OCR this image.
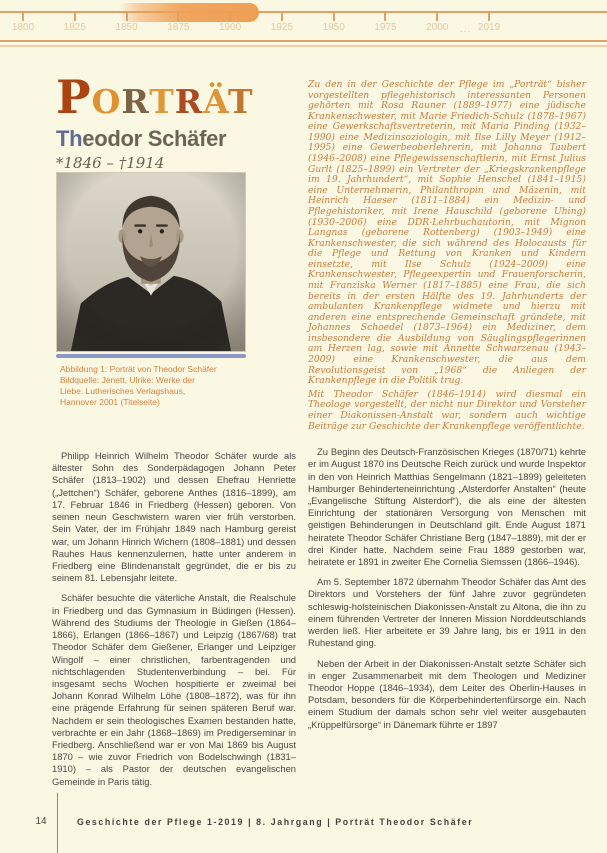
1800	1825	1850	1875	1900	1925	1950	1975	2000	2019
...
PORTRÄT
Theodor Schäfer
*1846 – †1914
Abbildung 1: Porträt von Theodor Schäfer
Bildquelle: Jenett, Ulrike: Werke der
Liebe. Lutherisches Verlagshaus,
Hannover 2001 (Titelseite)

Philipp Heinrich Wilhelm Theodor Schäfer wurde als ältester Sohn des Sonderpädagogen Johann Peter Schäfer (1813–1902) und dessen Ehefrau Henriette („Jettchen“) Schäfer, geborene Anthes (1816–1899), am 17. Februar 1846 in Friedberg (Hessen) geboren. Von seinen neun Geschwistern waren vier früh verstorben. Sein Vater, der im Frühjahr 1849 nach Hamburg gereist war, um Johann Hinrich Wichern (1808–1881) und dessen Rauhes Haus kennenzulernen, hatte unter anderem in Friedberg eine Blindenanstalt gegründet, die er bis zu seinem 81. Lebensjahr leitete.

Schäfer besuchte die väterliche Anstalt, die Realschule in Friedberg und das Gymnasium in Büdingen (Hessen). Während des Studiums der Theologie in Gießen (1864–1866), Erlangen (1866–1867) und Leipzig (1867/68) trat Theodor Schäfer dem Gießener, Erlanger und Leipziger Wingolf – einer christlichen, farbentragenden und nichtschlagenden Studentenverbindung – bei. Für insgesamt sechs Wochen hospitierte er zweimal bei Johann Konrad Wilhelm Löhe (1808–1872), was für ihn eine prägende Erfahrung für seinen späteren Beruf war. Nachdem er sein theologisches Examen bestanden hatte, verbrachte er ein Jahr (1868–1869) im Predigerseminar in Friedberg. Anschließend war er von Mai 1869 bis August 1870 – wie zuvor Friedrich von Bodelschwingh (1831–1910) – als Pastor der deutschen evangelischen Gemeinde in Paris tätig.

Zu den in der Geschichte der Pflege im „Porträt“ bisher vorgestellten pflegehistorisch interessanten Personen gehörten mit Rosa Rauner (1889–1977) eine jüdische Krankenschwester, mit Marie Friedich-Schulz (1878–1967) eine Gewerkschaftsvertreterin, mit Maria Pinding (1932–1990) eine Medizinsoziologin, mit Ilse Lilly Meyer (1912–1995) eine Gewerbeoberlehrerin, mit Johanna Taubert (1946–2008) eine Pflegewissenschaftlerin, mit Ernst Julius Gurlt (1825–1899) ein Vertreter der „Kriegskrankenpflege im 19. Jahrhundert“, mit Sophie Henschel (1841–1915) eine Unternehmerin, Philanthropin und Mäzenin, mit Heinrich Haeser (1811–1884) ein Medizin- und Pflegehistoriker, mit Irene Hauschild (geborene Uhing) (1930–2006) eine DDR-Lehrbuchautorin, mit Mignon Langnas (geborene Rottenberg) (1903–1949) eine Krankenschwester, die sich während des Holocausts für die Pflege und Rettung von Kranken und Kindern einsetzte, mit Ilse Schulz (1924–2009) eine Krankenschwester, Pflegeexpertin und Frauenforscherin, mit Franziska Werner (1817–1885) eine Frau, die sich bereits in der ersten Hälfte des 19. Jahrhunderts der ambulanten Krankenpflege widmete und hierzu mit anderen eine entsprechende Gemeinschaft gründete, mit Johannes Schoedel (1873–1964) ein Mediziner, dem insbesondere die Ausbildung von Säuglingspflegerinnen am Herzen lag, sowie mit Annette Schwarzenau (1943–2009) eine Krankenschwester, die aus dem Revolutionsgeist von „1968“ die Anliegen der Krankenpflege in die Politik trug.

Mit Theodor Schäfer (1846–1914) wird diesmal ein Theologe vorgestellt, der nicht nur Direktor und Vorsteher einer Diakonissen-Anstalt war, sondern auch wichtige Beiträge zur Geschichte der Krankenpflege veröffentlichte.

Zu Beginn des Deutsch-Französischen Krieges (1870/71) kehrte er im August 1870 ins Deutsche Reich zurück und wurde Inspektor in den von Heinrich Matthias Sengelmann (1821–1899) geleiteten Hamburger Behinderteneinrichtung „Alsterdorfer Anstalten“ (heute „Evangelische Stiftung Alsterdorf“), die als eine der ältesten Einrichtung der stationären Versorgung von Menschen mit geistigen Behinderungen in Deutschland gilt. Ende August 1871 heiratete Theodor Schäfer Christiane Berg (1847–1889), mit der er drei Kinder hatte. Nachdem seine Frau 1889 gestorben war, heiratete er 1891 in zweiter Ehe Cornelia Siemssen (1866–1946).

Am 5. September 1872 übernahm Theodor Schäfer das Amt des Direktors und Vorstehers der fünf Jahre zuvor gegründeten schleswig-holsteinischen Diakonissen-Anstalt zu Altona, die ihn zu einem führenden Vertreter der Inneren Mission Norddeutschlands werden ließ. Hier arbeitete er 39 Jahre lang, bis er 1911 in den Ruhestand ging.

Neben der Arbeit in der Diakonissen-Anstalt setzte Schäfer sich in enger Zusammenarbeit mit dem Theologen und Mediziner Theodor Hoppe (1846–1934), dem Leiter des Oberlin-Hauses in Potsdam, besonders für die Körperbehindertenfürsorge ein. Nach einem Studium der damals schon sehr viel weiter ausgebauten „Krüppelfürsorge“ in Dänemark führte er 1897

14	Geschichte der Pflege 1-2019 | 8. Jahrgang | Porträt Theodor Schäfer
